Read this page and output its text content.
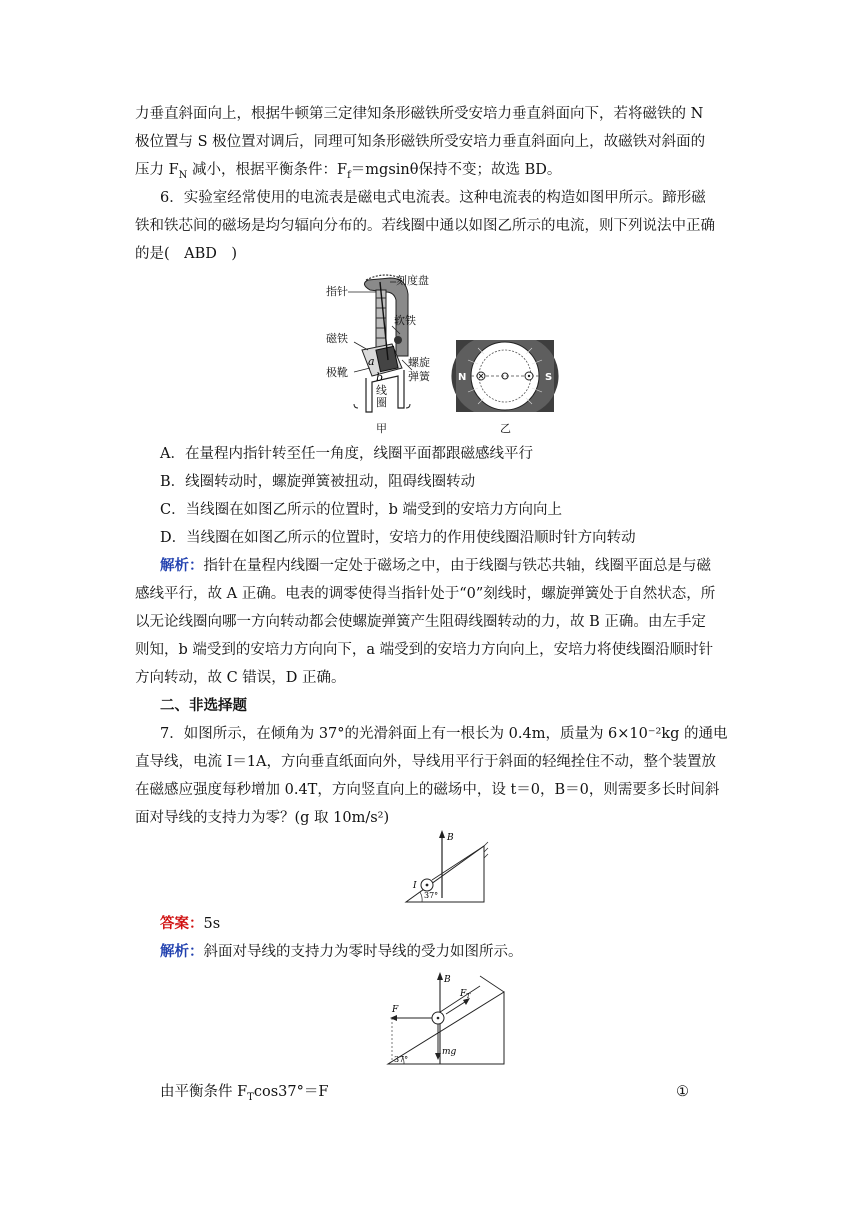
力垂直斜面向上，根据牛顿第三定律知条形磁铁所受安培力垂直斜面向下，若将磁铁的 N
极位置与 S 极位置对调后，同理可知条形磁铁所受安培力垂直斜面向上，故磁铁对斜面的
压力 $F_N$ 减小，根据平衡条件：$F_f=mgsin\theta$保持不变；故选 BD。
6．实验室经常使用的电流表是磁电式电流表。这种电流表的构造如图甲所示。蹄形磁
铁和铁芯间的磁场是均匀辐向分布的。若线圈中通以如图乙所示的电流，则下列说法中正确
的是(　ABD　)
指针
刻度盘
软铁
磁铁
极靴
螺旋
弹簧
线
圈
a
b
甲
N	S
乙
A．在量程内指针转至任一角度，线圈平面都跟磁感线平行
B．线圈转动时，螺旋弹簧被扭动，阻碍线圈转动
C．当线圈在如图乙所示的位置时，b 端受到的安培力方向向上
D．当线圈在如图乙所示的位置时，安培力的作用使线圈沿顺时针方向转动
解析：指针在量程内线圈一定处于磁场之中，由于线圈与铁芯共轴，线圈平面总是与磁
感线平行，故 A 正确。电表的调零使得当指针处于“0”刻线时，螺旋弹簧处于自然状态，所
以无论线圈向哪一方向转动都会使螺旋弹簧产生阻碍线圈转动的力，故 B 正确。由左手定
则知，b 端受到的安培力方向向下，a 端受到的安培力方向向上，安培力将使线圈沿顺时针
方向转动，故 C 错误，D 正确。
二、非选择题
7．如图所示，在倾角为 37°的光滑斜面上有一根长为 0.4m，质量为 6×10⁻²kg 的通电
直导线，电流 I＝1A，方向垂直纸面向外，导线用平行于斜面的轻绳拴住不动，整个装置放
在磁感应强度每秒增加 0.4T，方向竖直向上的磁场中，设 t＝0，B＝0，则需要多长时间斜
面对导线的支持力为零？(g 取 10m/s²)
B
I
37°
答案：5s
解析：斜面对导线的支持力为零时导线的受力如图所示。
B
$F_T$
F
mg
37°
由平衡条件 $F_T\cos 37^\circ=F$	①
